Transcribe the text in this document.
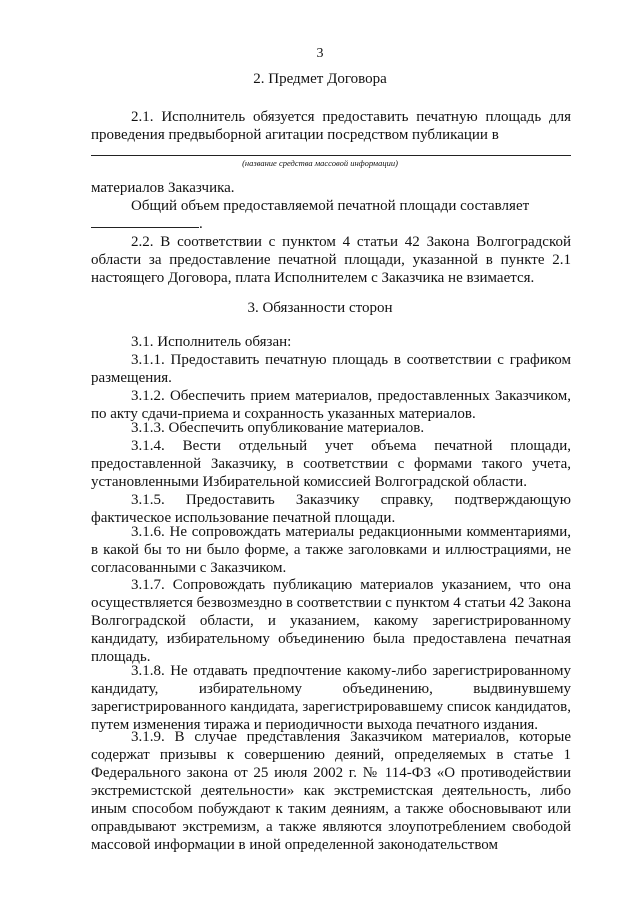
3
2. Предмет Договора
2.1. Исполнитель обязуется предоставить печатную площадь для проведения предвыборной агитации посредством публикации в
(название средства массовой информации)
материалов Заказчика.
Общий объем предоставляемой печатной площади составляет
.
2.2. В соответствии с пунктом 4 статьи 42 Закона Волгоградской области за предоставление печатной площади, указанной в пункте 2.1 настоящего Договора, плата Исполнителем с Заказчика не взимается.
3. Обязанности сторон
3.1. Исполнитель обязан:
3.1.1. Предоставить печатную площадь в соответствии с графиком размещения.
3.1.2. Обеспечить прием материалов, предоставленных Заказчиком, по акту сдачи-приема и сохранность указанных материалов.
3.1.3. Обеспечить опубликование материалов.
3.1.4. Вести отдельный учет объема печатной площади, предоставленной Заказчику, в соответствии с формами такого учета, установленными Избирательной комиссией Волгоградской области.
3.1.5. Предоставить Заказчику справку, подтверждающую фактическое использование печатной площади.
3.1.6. Не сопровождать материалы редакционными комментариями, в какой бы то ни было форме, а также заголовками и иллюстрациями, не согласованными с Заказчиком.
3.1.7. Сопровождать публикацию материалов указанием, что она осуществляется безвозмездно в соответствии с пунктом 4 статьи 42 Закона Волгоградской области, и указанием, какому зарегистрированному кандидату, избирательному объединению была предоставлена печатная площадь.
3.1.8. Не отдавать предпочтение какому-либо зарегистрированному кандидату, избирательному объединению, выдвинувшему зарегистрированного кандидата, зарегистрировавшему список кандидатов, путем изменения тиража и периодичности выхода печатного издания.
3.1.9. В случае представления Заказчиком материалов, которые содержат призывы к совершению деяний, определяемых в статье 1 Федерального закона от 25 июля 2002 г. № 114-ФЗ «О противодействии экстремистской деятельности» как экстремистская деятельность, либо иным способом побуждают к таким деяниям, а также обосновывают или оправдывают экстремизм, а также являются злоупотреблением свободой массовой информации в иной определенной законодательством
